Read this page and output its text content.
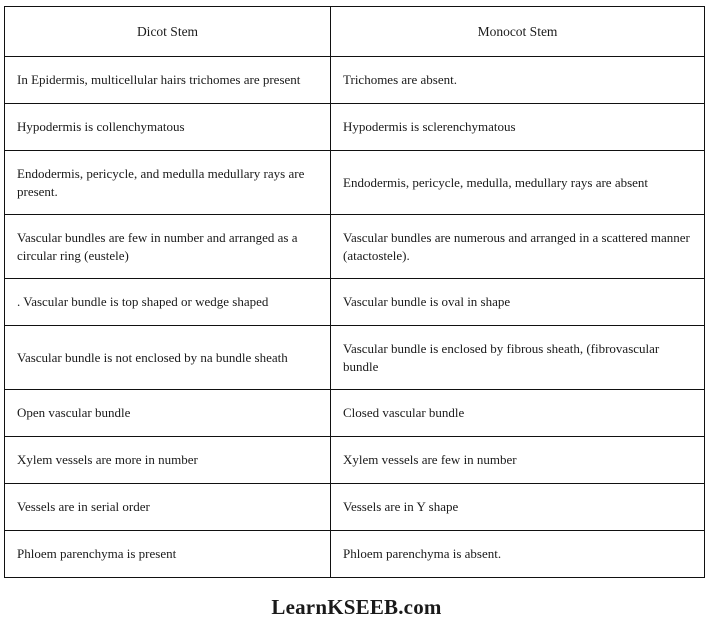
Dicot Stem	Monocot Stem
In Epidermis, multicellular hairs trichomes are present	Trichomes are absent.
Hypodermis is collenchymatous	Hypodermis is sclerenchymatous
Endodermis, pericycle, and medulla medullary rays are present.	Endodermis, pericycle, medulla, medullary rays are absent
Vascular bundles are few in number and arranged as a circular ring (eustele)	Vascular bundles are numerous and arranged in a scattered manner (atactostele).
. Vascular bundle is top shaped or wedge shaped	Vascular bundle is oval in shape
Vascular bundle is not enclosed by na bundle sheath	Vascular bundle is enclosed by fibrous sheath, (fibrovascular bundle
Open vascular bundle	Closed vascular bundle
Xylem vessels are more in number	Xylem vessels are few in number
Vessels are in serial order	Vessels are in Y shape
Phloem parenchyma is present	Phloem parenchyma is absent.
LearnKSEEB.com
